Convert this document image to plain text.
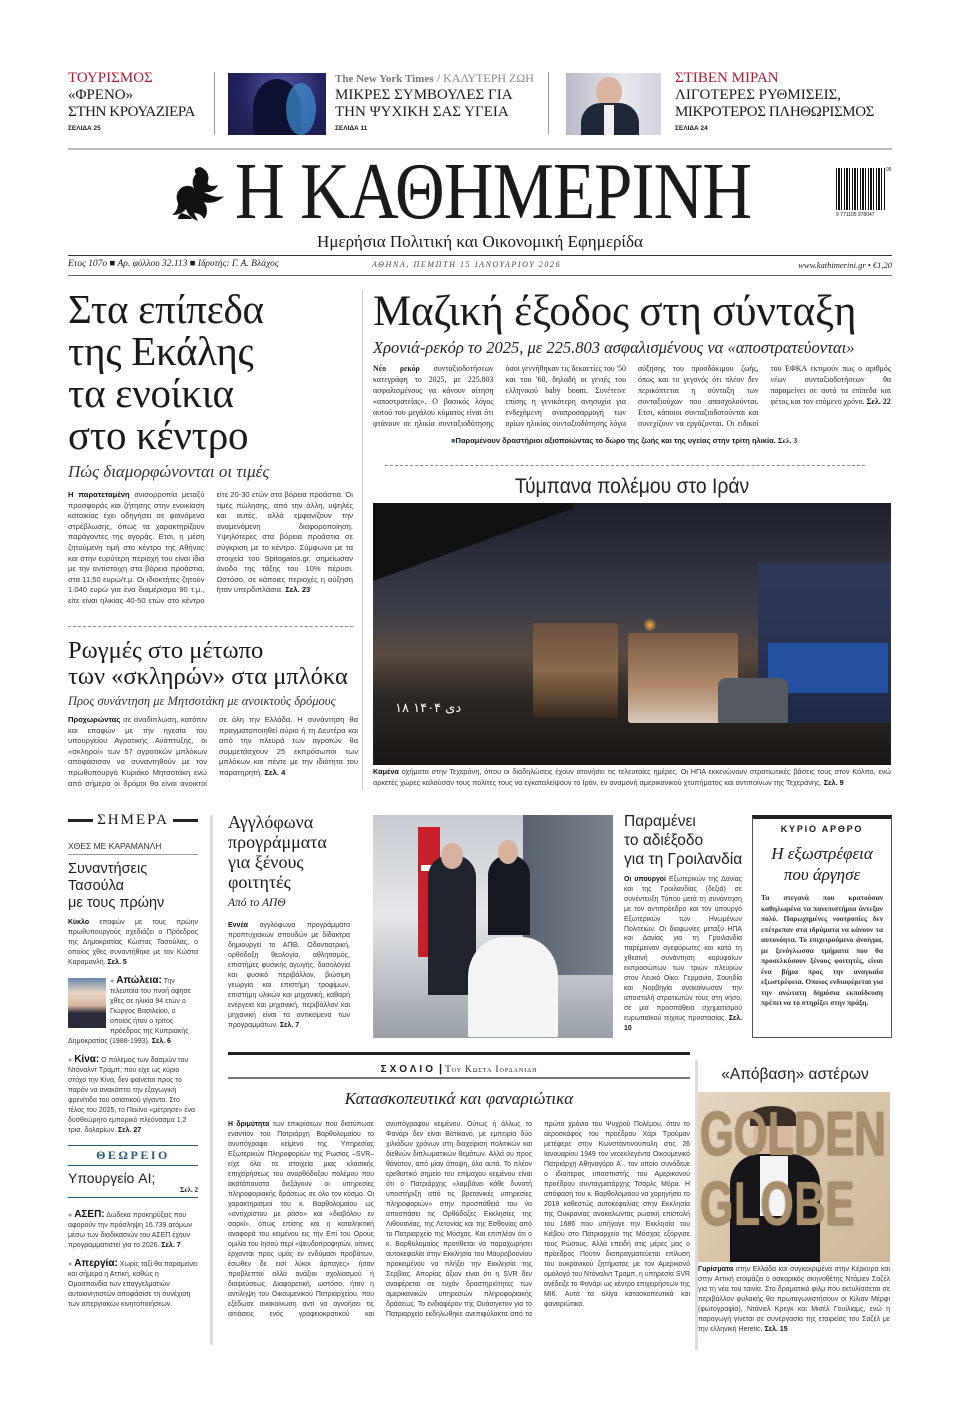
ΤΟΥΡΙΣΜΟΣ
«ΦΡΕΝΟ»
ΣΤΗΝ ΚΡΟΥΑΖΙΕΡΑ
ΣΕΛΙΔΑ 25
The New York Times / ΚΑΛΥΤΕΡΗ ΖΩΗ
ΜΙΚΡΕΣ ΣΥΜΒΟΥΛΕΣ ΓΙΑ
ΤΗΝ ΨΥΧΙΚΗ ΣΑΣ ΥΓΕΙΑ
ΣΕΛΙΔΑ 11
ΣΤΙΒΕΝ ΜΙΡΑΝ
ΛΙΓΟΤΕΡΕΣ ΡΥΘΜΙΣΕΙΣ,
ΜΙΚΡΟΤΕΡΟΣ ΠΛΗΘΩΡΙΣΜΟΣ
ΣΕΛΙΔΑ 24
Η ΚΑΘΗΜΕΡΙΝΗ	05
9 771105 978047
Ημερήσια Πολιτική και Οικονομική Εφημερίδα
Ετος 107ο ■ Αρ. φύλλου 32.113 ■ Ιδρυτής: Γ. Α. Βλάχος	ΑΘΗΝΑ, ΠΕΜΠΤΗ 15 ΙΑΝΟΥΑΡΙΟΥ 2026	www.kathimerini.gr • €1,20
Στα επίπεδα
της Εκάλης
τα ενοίκια
στο κέντρο
Πώς διαμορφώνονται οι τιμές
Η παρατεταμένη ανισορροπία μεταξύ προσφοράς και ζήτησης στην ενοικίαση κατοικίας έχει οδηγήσει σε φαινόμενα στρέβλωσης, όπως τα χαρακτηρίζουν παράγοντες της αγοράς. Ετσι, η μέση ζητούμενη τιμή στο κέντρο της Αθήνας και στην ευρύτερη περιοχή του είναι ίδια με την αντίστοιχη στα βόρεια προάστια, στα 11,50 ευρώ/τ.μ. Οι ιδιοκτήτες ζητούν 1.040 ευρώ για ένα διαμέρισμα 90 τ.μ., είτε είναι ηλικίας 40-50 ετών στο κέντρο είτε 20-30 ετών στα βόρεια προάστια. Οι τιμές πώλησης, από την άλλη, υψηλές και αυτές, αλλά εμφανίζουν την αναμενόμενη διαφοροποίηση. Υψηλότερες στα βόρεια προάστια σε σύγκριση με το κέντρο. Σύμφωνα με τα στοιχεία του Spitogatos.gr, σημείωσαν άνοδο της τάξης του 10% πέρυσι. Ωστόσο, σε κάποιες περιοχές η αύξηση ήταν υπερδιπλάσια. Σελ. 23
Ρωγμές στο μέτωπο
των «σκληρών» στα μπλόκα
Προς συνάντηση με Μητσοτάκη με ανοικτούς δρόμους
Προχωρώντας σε αναδίπλωση, κατόπιν και επαφών με την ηγεσία του υπουργείου Αγροτικής Ανάπτυξης, οι «σκληροί» των 57 αγροτικών μπλόκων αποφάσισαν να συναντηθούν με τον πρωθυπουργό Κυριάκο Μητσοτάκη ενώ από σήμερα οι δρόμοι θα είναι ανοικτοί σε όλη την Ελλάδα. Η συνάντηση θα πραγματοποιηθεί αύριο ή τη Δευτέρα και από την πλευρά των αγροτών θα συμμετάσχουν 25 εκπρόσωποι των μπλόκων και πέντε με την ιδιότητα του παρατηρητή. Σελ. 4
Μαζική έξοδος στη σύνταξη
Χρονιά-ρεκόρ το 2025, με 225.803 ασφαλισμένους να «αποστρατεύονται»
Νέο ρεκόρ συνταξιοδοτήσεων κατεγράφη το 2025, με 225.803 ασφαλισμένους να κάνουν αίτηση «αποστρατείας». Ο βασικός λόγος αυτού του μεγάλου κύματος είναι ότι φτάνουν σε ηλικία συνταξιοδότησης όσοι γεννήθηκαν τις δεκαετίες του '50 και του '60, δηλαδή οι γενιές του ελληνικού baby boom. Συνέτεινε επίσης η γενικότερη ανησυχία για ενδεχόμενη αναπροσαρμογή των ορίων ηλικίας συνταξιοδότησης λόγω αύξησης του προσδόκιμου ζωής, όπως και το γεγονός ότι πλέον δεν περικόπτεται η σύνταξη των συνταξιούχων που απασχολούνται. Ετσι, κάποιοι συνταξιοδοτούνται και συνεχίζουν να εργάζονται. Οι ειδικοί του ΕΦΚΑ εκτιμούν πως ο αριθμός νέων συνταξιοδοτήσεων θα παραμείνει σε αυτά τα επίπεδα και φέτος και τον επόμενο χρόνο. Σελ. 22
■Παραμένουν δραστήριοι αξιοποιώντας το δώρο της ζωής και της υγείας στην τρίτη ηλικία. Σελ. 3
Τύμπανα πολέμου στο Ιράν
۱۸ دی ۱۴۰۴
Καμένα οχήματα στην Τεχεράνη, όπου οι διαδηλώσεις έχουν ατονήσει τις τελευταίες ημέρες. Οι ΗΠΑ εκκενώνουν στρατιωτικές βάσεις τους στον Κόλπο, ενώ αρκετές χώρες καλούσαν τους πολίτες τους να εγκαταλείψουν το Ιράν, εν αναμονή αμερικανικού χτυπήματος και αντιποίνων της Τεχεράνης. Σελ. 9
ΣΗΜΕΡΑ
ΧΘΕΣ ΜΕ ΚΑΡΑΜΑΝΛΗ
Συναντήσεις
Τασούλα
με τους πρώην
Κύκλο επαφών με τους πρώην πρωθυπουργούς σχεδιάζει ο Πρόεδρος της Δημοκρατίας Κώστας Τασούλας, ο οποίος χθες συναντήθηκε με τον Κώστα Καραμανλή. Σελ. 5
● Απώλεια: Την τελευταία του πνοή άφησε χθες σε ηλικία 94 ετών ο Γιώργος Βασιλείου, ο οποίος ήταν ο τρίτος πρόεδρος της Κυπριακής Δημοκρατίας (1988-1993). Σελ. 6
● Κίνα: Ο πόλεμος των δασμών του Ντόναλντ Τραμπ, που είχε ως κύριο στόχο την Κίνα, δεν φαίνεται προς το παρόν να ανακόπτει την εξαγωγική φρενίτιδα του ασιατικού γίγαντα. Στο τέλος του 2025, το Πεκίνο «μέτρησε» ένα δυσθεώρητο εμπορικό πλεόνασμα 1,2 τρισ. δολαρίων. Σελ. 27
ΘΕΩΡΕΙΟ
Υπουργείο AI;
Σελ. 2
● ΑΣΕΠ: Δώδεκα προκηρύξεις που αφορούν την πρόσληψη 16.739 ατόμων μέσω των διαδικασιών του ΑΣΕΠ έχουν προγραμματιστεί για το 2026. Σελ. 7
● Απεργία: Χωρίς ταξί θα παραμείνει και σήμερα η Αττική, καθώς η Ομοσπονδία των επαγγελματιών αυτοκινητιστών αποφάσισε τη συνέχιση των απεργιακών κινητοποιήσεων.
Αγγλόφωνα
προγράμματα
για ξένους
φοιτητές
Από το ΑΠΘ
Εννέα αγγλόφωνα προγράμματα προπτυχιακών σπουδών με δίδακτρα δημιουργεί το ΑΠΘ. Οδοντιατρική, ορθόδοξη θεολογία, αθλητισμός, επιστήμες φυσικής αγωγής, δασολογία και φυσικό περιβάλλον, βιώσιμη γεωργία και επιστήμη τροφίμων, επιστήμη υλικών και μηχανική, καθαρή ενέργεια και μηχανική, περιβάλλον και μηχανική είναι τα αντικείμενα των προγραμμάτων. Σελ. 7
Παραμένει
το αδιέξοδο
για τη Γροιλανδία
Οι υπουργοί Εξωτερικών της Δανίας και της Γροιλανδίας (δεξιά) σε συνέντευξη Τύπου μετά τη συνάντηση με τον αντιπρόεδρο και τον υπουργό Εξωτερικών των Ηνωμένων Πολιτειών. Οι διαφωνίες μεταξύ ΗΠΑ και Δανίας για τη Γροιλανδία παρέμειναν αγεφύρωτες και κατά τη χθεσινή συνάντηση κορυφαίων εκπροσώπων των τριών πλευρών στον Λευκό Οίκο. Γερμανία, Σουηδία και Νορβηγία ανακοίνωσαν την αποστολή στρατιωτών τους στη νήσο, σε μια προσπάθεια σχηματισμού ευρωπαϊκού τείχους προστασίας. Σελ. 10
ΚΥΡΙΟ ΑΡΘΡΟ
Η εξωστρέφεια
που άργησε
Τα στεγανά που κρατούσαν καθηλωμένα τα πανεπιστήμια άντεξαν πολύ. Παρωχημένες νοοτροπίες δεν επέτρεπαν στα ιδρύματα να κάνουν τα αυτονόητα. Το επιχειρούμενο άνοιγμα, με ξενόγλωσσα τμήματα που θα προσελκύσουν ξένους φοιτητές, είναι ένα βήμα προς την αναγκαία εξωστρέφεια. Οποιος ενδιαφέρεται για την ανώτατη δημόσια εκπαίδευση πρέπει να το στηρίξει στην πράξη.
ΣΧΟΛΙΟ | Του Κωστα Ιορδανιδη
Κατασκοπευτικά και φαναριώτικα
Η δριμύτητα των επικρίσεων που διατύπωσε εναντίον του Πατριάρχη Βαρθολομαίου το ανυπόγραφο κείμενο της Υπηρεσίας Εξωτερικών Πληροφοριών της Ρωσίας –SVR– είχε όλα τα στοιχεία μιας κλασικής επιχειρήσεως του ανορθόδοξου πολέμου που ακατάπαυστα διεξάγουν οι υπηρεσίες πληροφοριακής δράσεως σε όλο τον κόσμο. Οι χαρακτηρισμοί του κ. Βαρθολομαίου ως «αντιχρίστου με ράσο» και «διαβόλου εν σαρκί», όπως επίσης και η καταληκτική αναφορά του κειμένου εις την Επί του Ορους ομιλία του Ιησού περί «ψευδοπροφητών, οίτινες έρχονται προς υμάς εν ενδύμασι προβάτων, έσωθεν δε εισί λύκοι άρπαγες» ήσαν προβλεπτοί αλλά ανάξιοι σχολιασμού ή διαψεύσεως. Διαφορετική, ωστόσο, ήταν η αντίληψη του Οικουμενικού Πατριαρχείου, που εξέδωσε ανακοίνωση αντί να αγνοήσει τις αιτιάσεις ενός γραφειοκρατικού και ανυπόγραφου κειμένου. Ούτως ή άλλως το Φανάρι δεν είναι Βατικανό, με εμπειρία δύο χιλιάδων χρόνων στη διαχείριση πολιτικών και διεθνών διπλωματικών θεμάτων. Αλλά ου προς θάνατον, από μίαν άποψη, όλα αυτά. Το πλέον ερεθιστικό σημείο του επίμαχου κειμένου είναι ότι ο Πατριάρχης «λαμβάνει κάθε δυνατή υποστήριξη από τις βρετανικές υπηρεσίες πληροφοριών» στην προσπάθειά του να αποσπάσει τις Ορθόδοξες Εκκλησίες της Λιθουανίας, της Λετονίας και της Εσθονίας από το Πατριαρχείο της Μόσχας. Και επιπλέον ότι ο κ. Βαρθολομαίος προτίθεται να παραχωρήσει αυτοκεφαλία στην Εκκλησία του Μαυροβουνίου προκειμένου να πλήξει την Εκκλησία της Σερβίας. Απορίας άξιον είναι ότι η SVR δεν αναφέρεται σε τυχόν δραστηριότητες των αμερικανικών υπηρεσιών πληροφοριακής δράσεως. Το ενδιαφέρον της Ουάσιγκτον για το Πατριαρχείο εκδηλώθηκε ανεπιφύλακτα από τα πρώτα χρόνια του Ψυχρού Πολέμου, όταν το αεροσκάφος του προέδρου Χάρι Τρούμαν μετέφερε στην Κωνσταντινούπολη στις 26 Ιανουαρίου 1949 τον νεοεκλεγέντα Οικουμενικό Πατριάρχη Αθηναγόρα Α΄, τον οποίο συνόδευε ο ιδιαίτερος υπασπιστής του Αμερικανού προέδρου συνταγματάρχης Τσαρλς Μόρα. Η απόφαση του κ. Βαρθολομαίου να χορηγήσει το 2018 καθεστώς αυτοκεφαλίας στην Εκκλησία της Ουκρανίας ανακαλώντας ρωσική επιστολή του 1686 που υπήγαγε την Εκκλησία του Κιέβου στο Πατριαρχείο της Μόσχας εξόργισε τους Ρώσους. Αλλά επειδή στις μέρες μας ο πρόεδρος Πούτιν διαπραγματεύεται επίλυση του ουκρανικού ζητήματος με τον Αμερικανό ομόλογό του Ντόναλντ Τραμπ, η υπηρεσία SVR ανέδειξε το Φανάρι ως κέντρο επιχειρήσεων της MI6. Αυτά τα ολίγα κατασκοπευτικά και φαναριώτικα.
«Απόβαση» αστέρων
GOLDEN GLOBE
Γυρίσματα στην Ελλάδα και συγκεκριμένα στην Κέρκυρα και στην Αττική ετοιμάζει ο οσκαρικός σκηνοθέτης Ντάμιεν Σαζέλ για τη νέα του ταινία. Στο δραματικό φιλμ που εκτυλίσσεται σε περιβάλλον φυλακής θα πρωταγωνιστήσουν οι Κίλιαν Μέρφι (φωτογραφία), Ντάνιελ Κρεγκ και Μισέλ Γουίλιαμς, ενώ η παραγωγή γίνεται σε συνεργασία της εταιρείας του Σαζέλ με την ελληνική Heretic. Σελ. 15
